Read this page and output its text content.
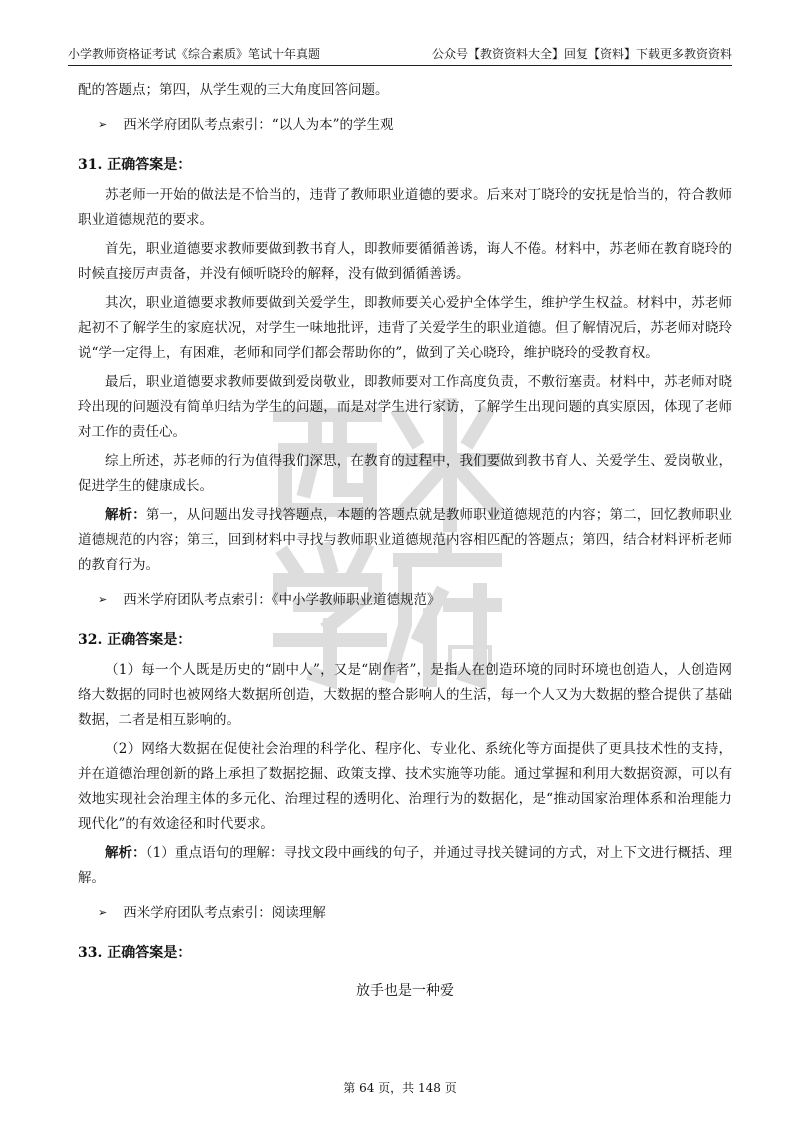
小学教师资格证考试《综合素质》笔试十年真题	公众号【教资资料大全】回复【资料】下载更多教资资料

配的答题点；第四，从学生观的三大角度回答问题。

➢ 西米学府团队考点索引：“以人为本”的学生观
31. 正确答案是：

苏老师一开始的做法是不恰当的，违背了教师职业道德的要求。后来对丁晓玲的安抚是恰当的，符合教师职业道德规范的要求。

首先，职业道德要求教师要做到教书育人，即教师要循循善诱，诲人不倦。材料中，苏老师在教育晓玲的时候直接厉声责备，并没有倾听晓玲的解释，没有做到循循善诱。

其次，职业道德要求教师要做到关爱学生，即教师要关心爱护全体学生，维护学生权益。材料中，苏老师起初不了解学生的家庭状况，对学生一味地批评，违背了关爱学生的职业道德。但了解情况后，苏老师对晓玲说“学一定得上，有困难，老师和同学们都会帮助你的”，做到了关心晓玲，维护晓玲的受教育权。

最后，职业道德要求教师要做到爱岗敬业，即教师要对工作高度负责，不敷衍塞责。材料中，苏老师对晓玲出现的问题没有简单归结为学生的问题，而是对学生进行家访，了解学生出现问题的真实原因，体现了老师对工作的责任心。

综上所述，苏老师的行为值得我们深思，在教育的过程中，我们要做到教书育人、关爱学生、爱岗敬业，促进学生的健康成长。

解析：第一，从问题出发寻找答题点，本题的答题点就是教师职业道德规范的内容；第二，回忆教师职业道德规范的内容；第三，回到材料中寻找与教师职业道德规范内容相匹配的答题点；第四，结合材料评析老师的教育行为。

➢ 西米学府团队考点索引：《中小学教师职业道德规范》
32. 正确答案是：

（1）每一个人既是历史的“剧中人”，又是“剧作者”，是指人在创造环境的同时环境也创造人，人创造网络大数据的同时也被网络大数据所创造，大数据的整合影响人的生活，每一个人又为大数据的整合提供了基础数据，二者是相互影响的。

（2）网络大数据在促使社会治理的科学化、程序化、专业化、系统化等方面提供了更具技术性的支持，并在道德治理创新的路上承担了数据挖掘、政策支撑、技术实施等功能。通过掌握和利用大数据资源，可以有效地实现社会治理主体的多元化、治理过程的透明化、治理行为的数据化，是“推动国家治理体系和治理能力现代化”的有效途径和时代要求。

解析：（1）重点语句的理解：寻找文段中画线的句子，并通过寻找关键词的方式，对上下文进行概括、理解。

➢ 西米学府团队考点索引：阅读理解
33. 正确答案是：
放手也是一种爱
第 64 页，共 148 页
